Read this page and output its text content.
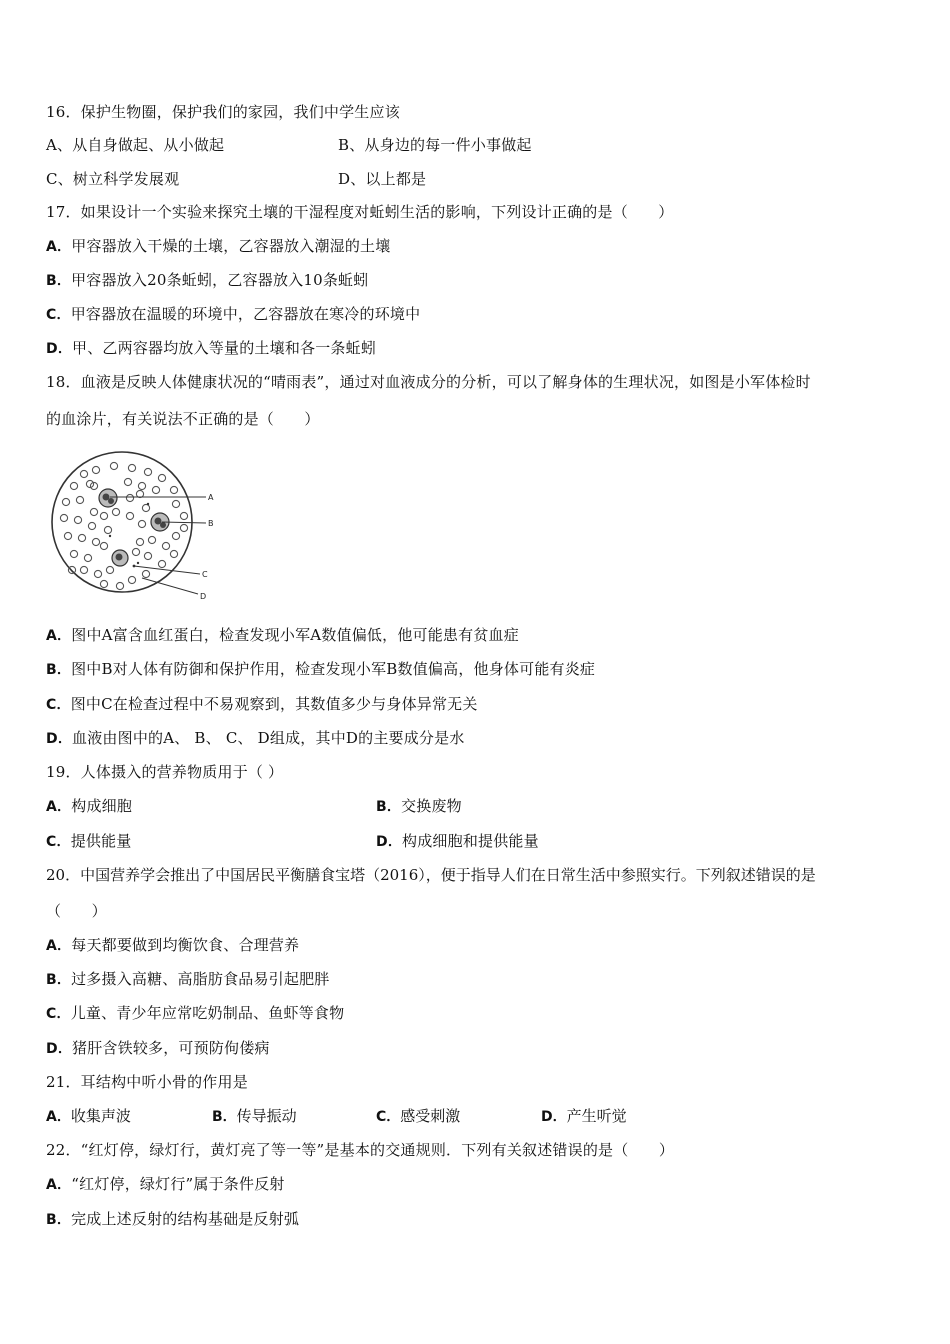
16．保护生物圈，保护我们的家园，我们中学生应该
A、从自身做起、从小做起	B、从身边的每一件小事做起
C、树立科学发展观	D、以上都是
17．如果设计一个实验来探究土壤的干湿程度对蚯蚓生活的影响，下列设计正确的是（　　）
A．甲容器放入干燥的土壤，乙容器放入潮湿的土壤
B．甲容器放入20条蚯蚓，乙容器放入10条蚯蚓
C．甲容器放在温暖的环境中，乙容器放在寒冷的环境中
D．甲、乙两容器均放入等量的土壤和各一条蚯蚓
18．血液是反映人体健康状况的“晴雨表”，通过对血液成分的分析，可以了解身体的生理状况，如图是小军体检时
的血涂片，有关说法不正确的是（　　）
A
B
C
D
A．图中A富含血红蛋白，检查发现小军A数值偏低，他可能患有贫血症
B．图中B对人体有防御和保护作用，检查发现小军B数值偏高，他身体可能有炎症
C．图中C在检查过程中不易观察到，其数值多少与身体异常无关
D．血液由图中的A、 B、 C、 D组成，其中D的主要成分是水
19．人体摄入的营养物质用于（ ）
A．构成细胞	B．交换废物
C．提供能量	D．构成细胞和提供能量
20．中国营养学会推出了中国居民平衡膳食宝塔（2016），便于指导人们在日常生活中参照实行。下列叙述错误的是
（　　）
A．每天都要做到均衡饮食、合理营养
B．过多摄入高糖、高脂肪食品易引起肥胖
C．儿童、青少年应常吃奶制品、鱼虾等食物
D．猪肝含铁较多，可预防佝偻病
21．耳结构中听小骨的作用是
A．收集声波	B．传导振动	C．感受刺激	D．产生听觉
22．“红灯停，绿灯行，黄灯亮了等一等”是基本的交通规则．下列有关叙述错误的是（　　）
A．“红灯停，绿灯行”属于条件反射
B．完成上述反射的结构基础是反射弧
